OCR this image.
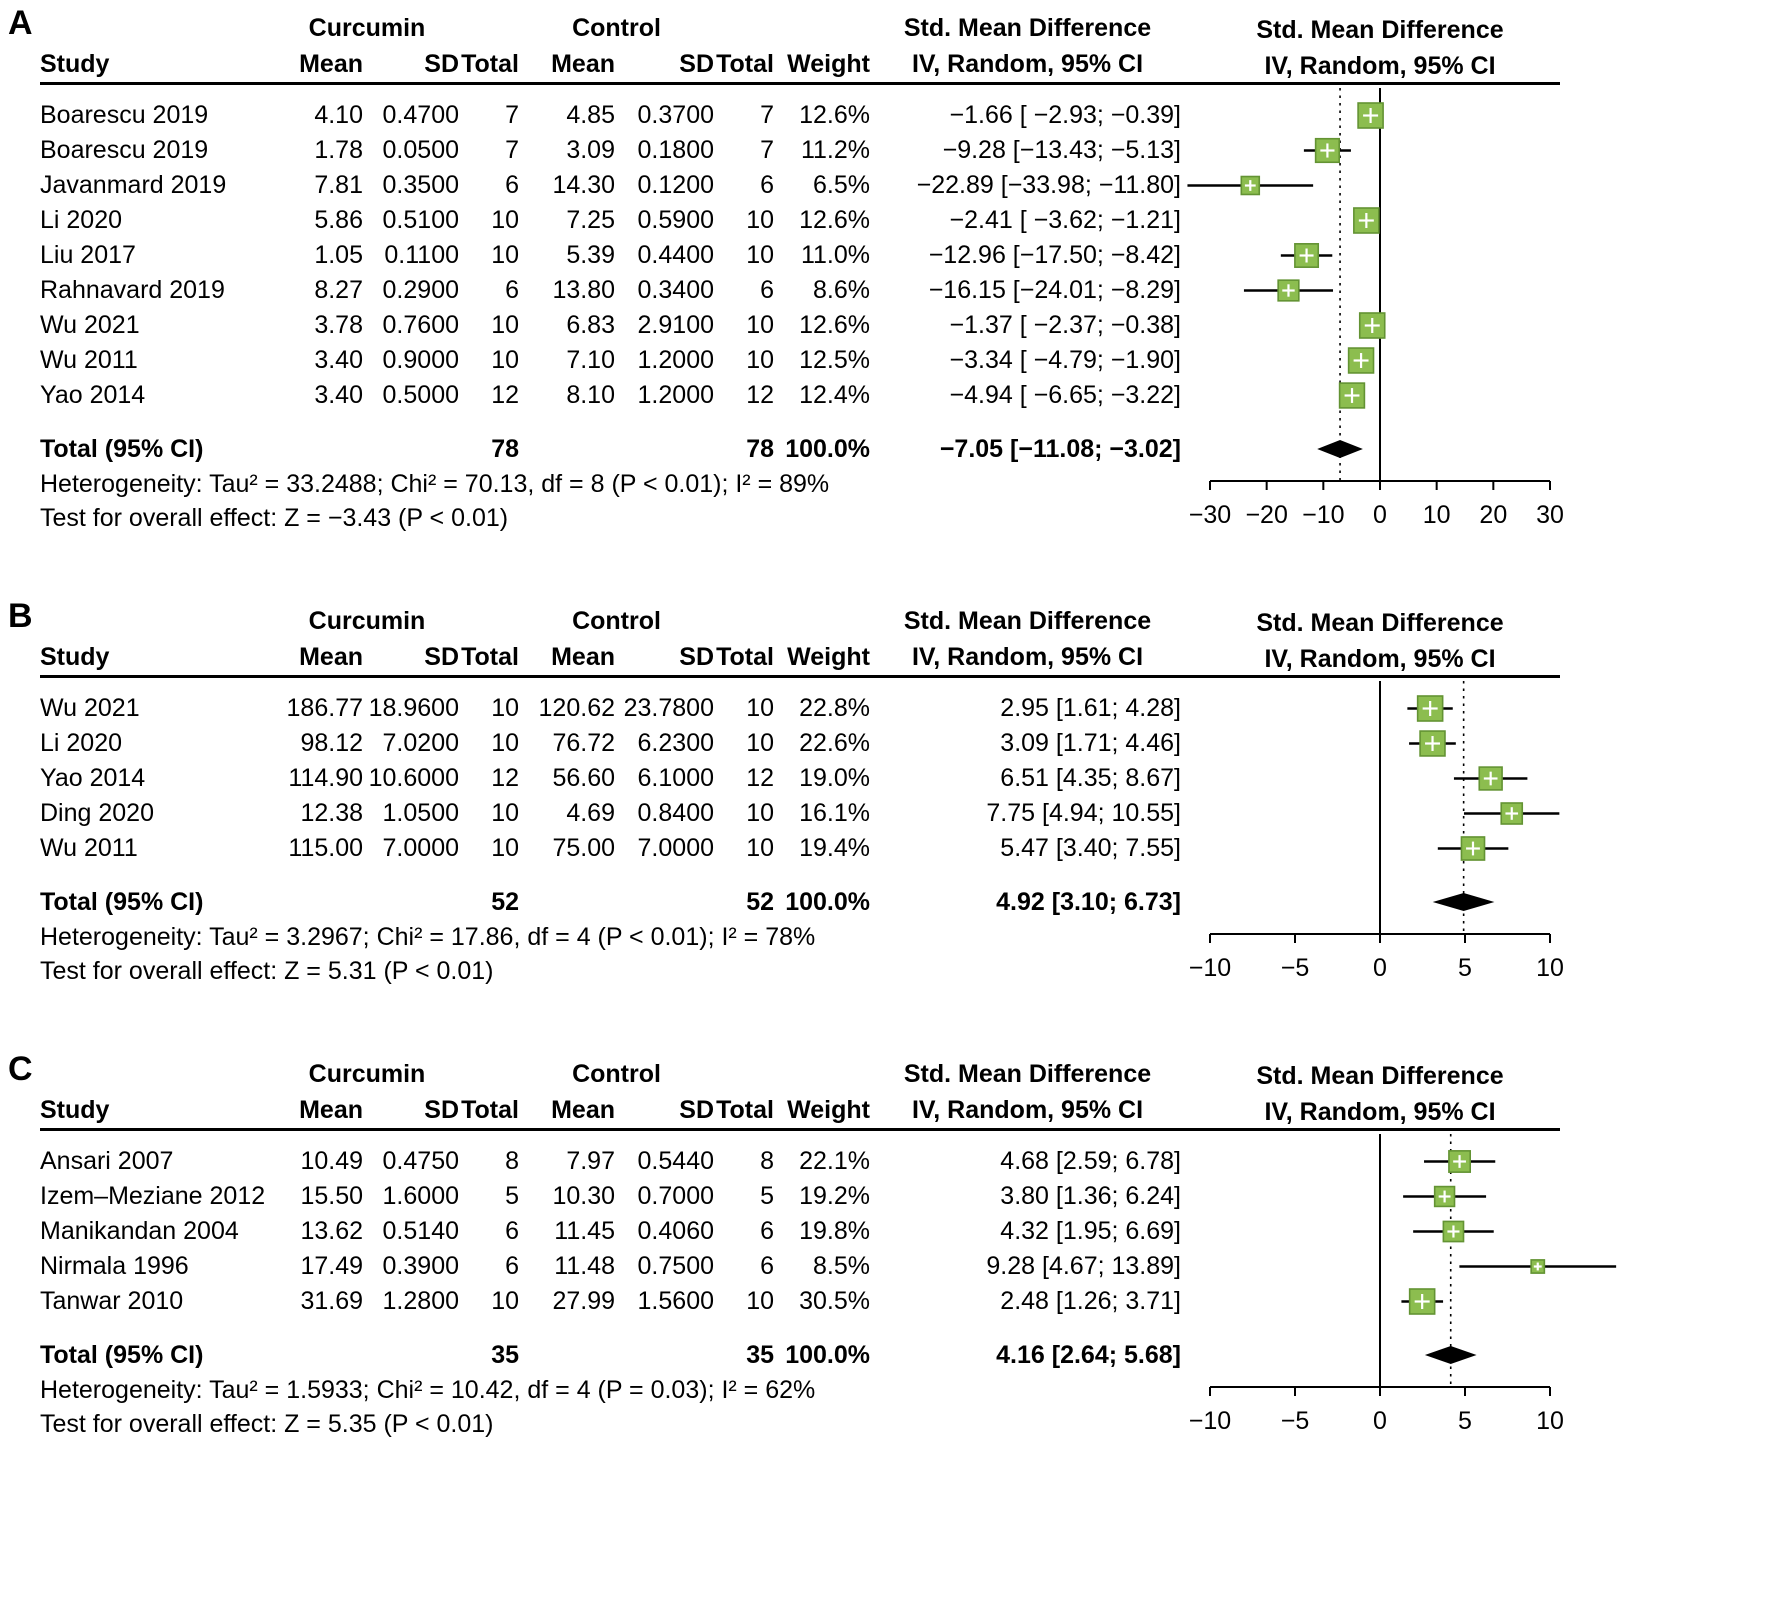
A	Curcumin	Control	Std. Mean Difference
Study	Mean	SD Total	Mean	SD Total Weight	IV, Random, 95% CI
Boarescu 2019	4.10 0.4700	7	4.85 0.3700	7	12.6%	−1.66 [ −2.93; −0.39]
Boarescu 2019	1.78 0.0500	7	3.09 0.1800	7	11.2%	−9.28 [−13.43; −5.13]
Javanmard 2019	7.81 0.3500	6	14.30 0.1200	6	6.5%	−22.89 [−33.98; −11.80]
Li 2020	5.86 0.5100	10	7.25 0.5900	10	12.6%	−2.41 [ −3.62; −1.21]
Liu 2017	1.05 0.1100	10	5.39 0.4400	10	11.0%	−12.96 [−17.50; −8.42]
Rahnavard 2019	8.27 0.2900	6	13.80 0.3400	6	8.6%	−16.15 [−24.01; −8.29]
Wu 2021	3.78 0.7600	10	6.83 2.9100	10	12.6%	−1.37 [ −2.37; −0.38]
Wu 2011	3.40 0.9000	10	7.10 1.2000	10	12.5%	−3.34 [ −4.79; −1.90]
Yao 2014	3.40 0.5000	12	8.10 1.2000	12	12.4%	−4.94 [ −6.65; −3.22]
Total (95% CI)	78	78 100.0%	−7.05 [−11.08; −3.02]
Heterogeneity: Tau² = 33.2488; Chi² = 70.13, df = 8 (P < 0.01); I² = 89%
Test for overall effect: Z = −3.43 (P < 0.01)
Std. Mean Difference
IV, Random, 95% CI
−30 −20 −10 0 10 20 30
B	Curcumin	Control	Std. Mean Difference
Study	Mean	SD Total	Mean	SD Total Weight	IV, Random, 95% CI
Wu 2021	186.77 18.9600	10 120.62 23.7800	10	22.8%	2.95 [1.61; 4.28]
Li 2020	98.12 7.0200	10	76.72 6.2300	10	22.6%	3.09 [1.71; 4.46]
Yao 2014	114.90 10.6000	12	56.60 6.1000	12	19.0%	6.51 [4.35; 8.67]
Ding 2020	12.38 1.0500	10	4.69 0.8400	10	16.1%	7.75 [4.94; 10.55]
Wu 2011	115.00 7.0000	10	75.00 7.0000	10	19.4%	5.47 [3.40; 7.55]
Total (95% CI)	52	52 100.0%	4.92 [3.10; 6.73]
Heterogeneity: Tau² = 3.2967; Chi² = 17.86, df = 4 (P < 0.01); I² = 78%
Test for overall effect: Z = 5.31 (P < 0.01)
Std. Mean Difference
IV, Random, 95% CI
−10 −5	0	5	10
C	Curcumin	Control	Std. Mean Difference
Study	Mean	SD Total	Mean	SD Total Weight	IV, Random, 95% CI
Ansari 2007	10.49 0.4750	8	7.97 0.5440	8	22.1%	4.68 [2.59; 6.78]
Izem–Meziane 2012	15.50 1.6000	5	10.30 0.7000	5	19.2%	3.80 [1.36; 6.24]
Manikandan 2004	13.62 0.5140	6	11.45 0.4060	6	19.8%	4.32 [1.95; 6.69]
Nirmala 1996	17.49 0.3900	6	11.48 0.7500	6	8.5%	9.28 [4.67; 13.89]
Tanwar 2010	31.69 1.2800	10	27.99 1.5600	10	30.5%	2.48 [1.26; 3.71]
Total (95% CI)	35	35 100.0%	4.16 [2.64; 5.68]
Heterogeneity: Tau² = 1.5933; Chi² = 10.42, df = 4 (P = 0.03); I² = 62%
Test for overall effect: Z = 5.35 (P < 0.01)
Std. Mean Difference
IV, Random, 95% CI
−10 −5	0	5	10
